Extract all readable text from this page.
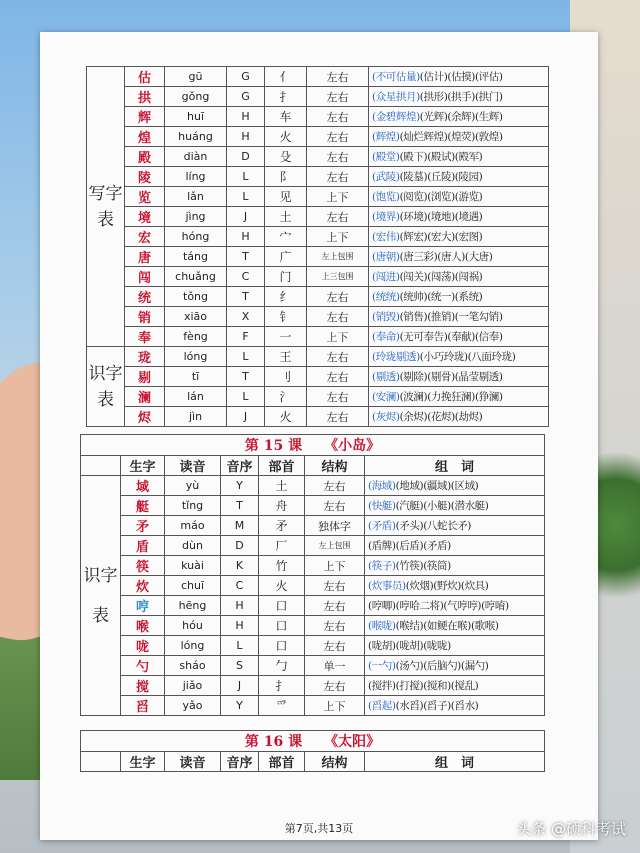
写字表	估	gū	G	亻	左右	(不可估量)(估计)(估摸)(评估)
	拱	gǒng	G	扌	左右	(众星拱月)(拱形)(拱手)(拱门)
	辉	huī	H	车	左右	(金碧辉煌)(光辉)(余辉)(生辉)
	煌	huáng	H	火	左右	(辉煌)(灿烂辉煌)(煌荧)(敦煌)
	殿	diàn	D	殳	左右	(殿堂)(殿下)(殿试)(殿军)
	陵	líng	L	阝	左右	(武陵)(陵墓)(丘陵)(陵园)
	览	lǎn	L	见	上下	(饱览)(阅览)(浏览)(游览)
	境	jìng	J	土	左右	(境界)(环境)(境地)(境遇)
	宏	hóng	H	宀	上下	(宏伟)(辉宏)(宏大)(宏图)
	唐	táng	T	广	左上包围	(唐朝)(唐三彩)(唐人)(大唐)
	闯	chuǎng	C	门	上三包围	(闯进)(闯关)(闯荡)(闯祸)
	统	tǒng	T	纟	左右	(统统)(统帅)(统一)(系统)
	销	xiāo	X	钅	左右	(销毁)(销售)(推销)(一笔勾销)
	奉	fèng	F	一	上下	(奉命)(无可奉告)(奉献)(信奉)
识字表	珑	lóng	L	王	左右	(玲珑剔透)(小巧玲珑)(八面玲珑)
	剔	tī	T	刂	左右	(剔透)(剔除)(剔骨)(晶莹剔透)
	澜	lán	L	氵	左右	(安澜)(波澜)(力挽狂澜)(狰澜)
	烬	jìn	J	火	左右	(灰烬)(余烬)(花烬)(劫烬)
第 15 课 《小岛》						
	生字	读音	音序	部首	结构	组　词
识字表	域	yù	Y	土	左右	(海域)(地域)(疆域)(区域)
	艇	tǐng	T	舟	左右	(快艇)(汽艇)(小艇)(潜水艇)
	矛	máo	M	矛	独体字	(矛盾)(矛头)(八蛇长矛)
	盾	dùn	D	厂	左上包围	(盾牌)(后盾)(矛盾)
	筷	kuài	K	竹	上下	(筷子)(竹筷)(筷筒)
	炊	chuī	C	火	左右	(炊事员)(炊烟)(野炊)(炊具)
	哼	hēng	H	口	左右	(哼唧)(哼哈二将)(气哼哼)(哼唷)
	喉	hóu	H	口	左右	(喉咙)(喉结)(如鲠在喉)(歌喉)
	咙	lóng	L	口	左右	(咙胡)(咙胡)(咙咙)
	勺	sháo	S	勹	单一	(一勺)(汤勺)(后脑勺)(漏勺)
	搅	jiǎo	J	扌	左右	(搅拌)(打搅)(搅和)(搅乱)
	舀	yǎo	Y	爫	上下	(舀起)(水舀)(舀子)(舀水)
第 16 课 《太阳》
	生字	读音	音序	部首	结构	组　词
第7页,共13页	头条 @硕科考试
